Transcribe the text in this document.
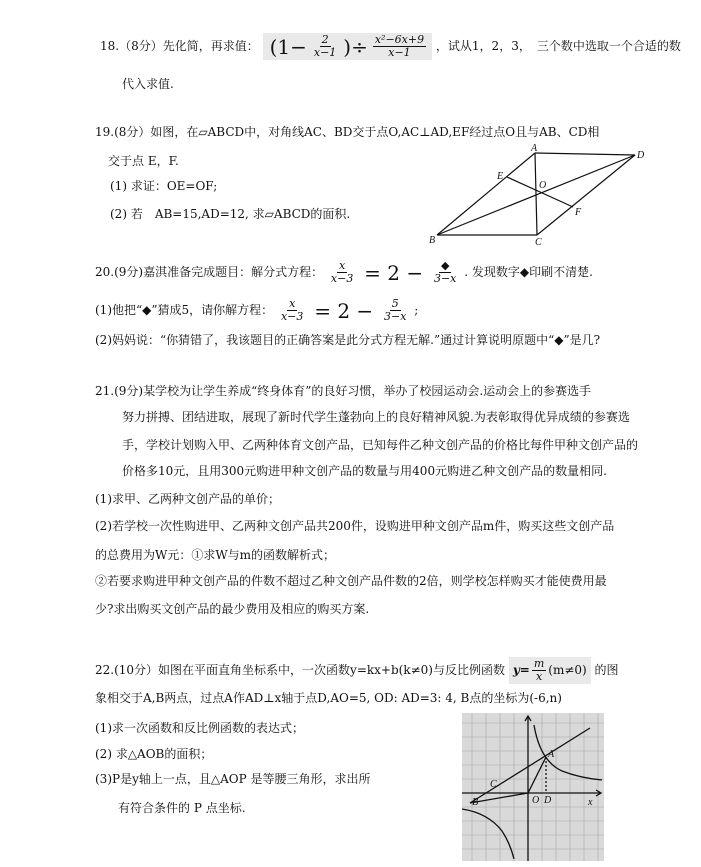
18.（8分）先化简，再求值： ($1- \frac{2}{x-1}$ )÷ $\frac{\text{x²−6x+9}}{x-1}$ ，试从1，2，3，　三个数中选取一个合适的数
代入求值.
19.(8分）如图，在▱ABCD中，对角线AC、BD交于点O,AC⊥AD,EF经过点O且与AB、CD相
交于点 E，F.
(1) 求证：OE=OF;
(2) 若　AB=15,AD=12, 求▱ABCD的面积.
A
D
E
O
F
B	C
20.(9分)嘉淇准备完成题目：解分式方程： $\frac{x}{x-3} = 2 - \frac{◆}{3-x}$ . 发现数字◆印刷不清楚.
(1)他把“◆”猜成5，请你解方程： $\frac{x}{x-3} = 2 - \frac{5}{3-x}$ ;
(2)妈妈说：“你猜错了，我该题目的正确答案是此分式方程无解.”通过计算说明原题中“◆”是几?
21.(9分)某学校为让学生养成“终身体育”的良好习惯，举办了校园运动会.运动会上的参赛选手
努力拼搏、团结进取，展现了新时代学生蓬勃向上的良好精神风貌.为表彰取得优异成绩的参赛选
手，学校计划购入甲、乙两种体育文创产品，已知每件乙种文创产品的价格比每件甲种文创产品的
价格多10元，且用300元购进甲种文创产品的数量与用400元购进乙种文创产品的数量相同.
(1)求甲、乙两种文创产品的单价；
(2)若学校一次性购进甲、乙两种文创产品共200件，设购进甲种文创产品m件，购买这些文创产品
的总费用为W元：①求W与m的函数解析式；
②若要求购进甲种文创产品的件数不超过乙种文创产品件数的2倍，则学校怎样购买才能使费用最
少?求出购买文创产品的最少费用及相应的购买方案.
22.(10分）如图在平面直角坐标系中，一次函数y=kx+b(k≠0)与反比例函数 $y= \frac{m}{x} (m\ne 0)$ 的图
象相交于A,B两点，过点A作AD⊥x轴于点D,AO=5, OD: AD=3: 4, B点的坐标为(-6,n)
(1)求一次函数和反比例函数的表达式；
(2) 求△AOB的面积；
(3)P是y轴上一点，且△AOP 是等腰三角形，求出所
有符合条件的 P 点坐标.
A
B
C
O D	x
